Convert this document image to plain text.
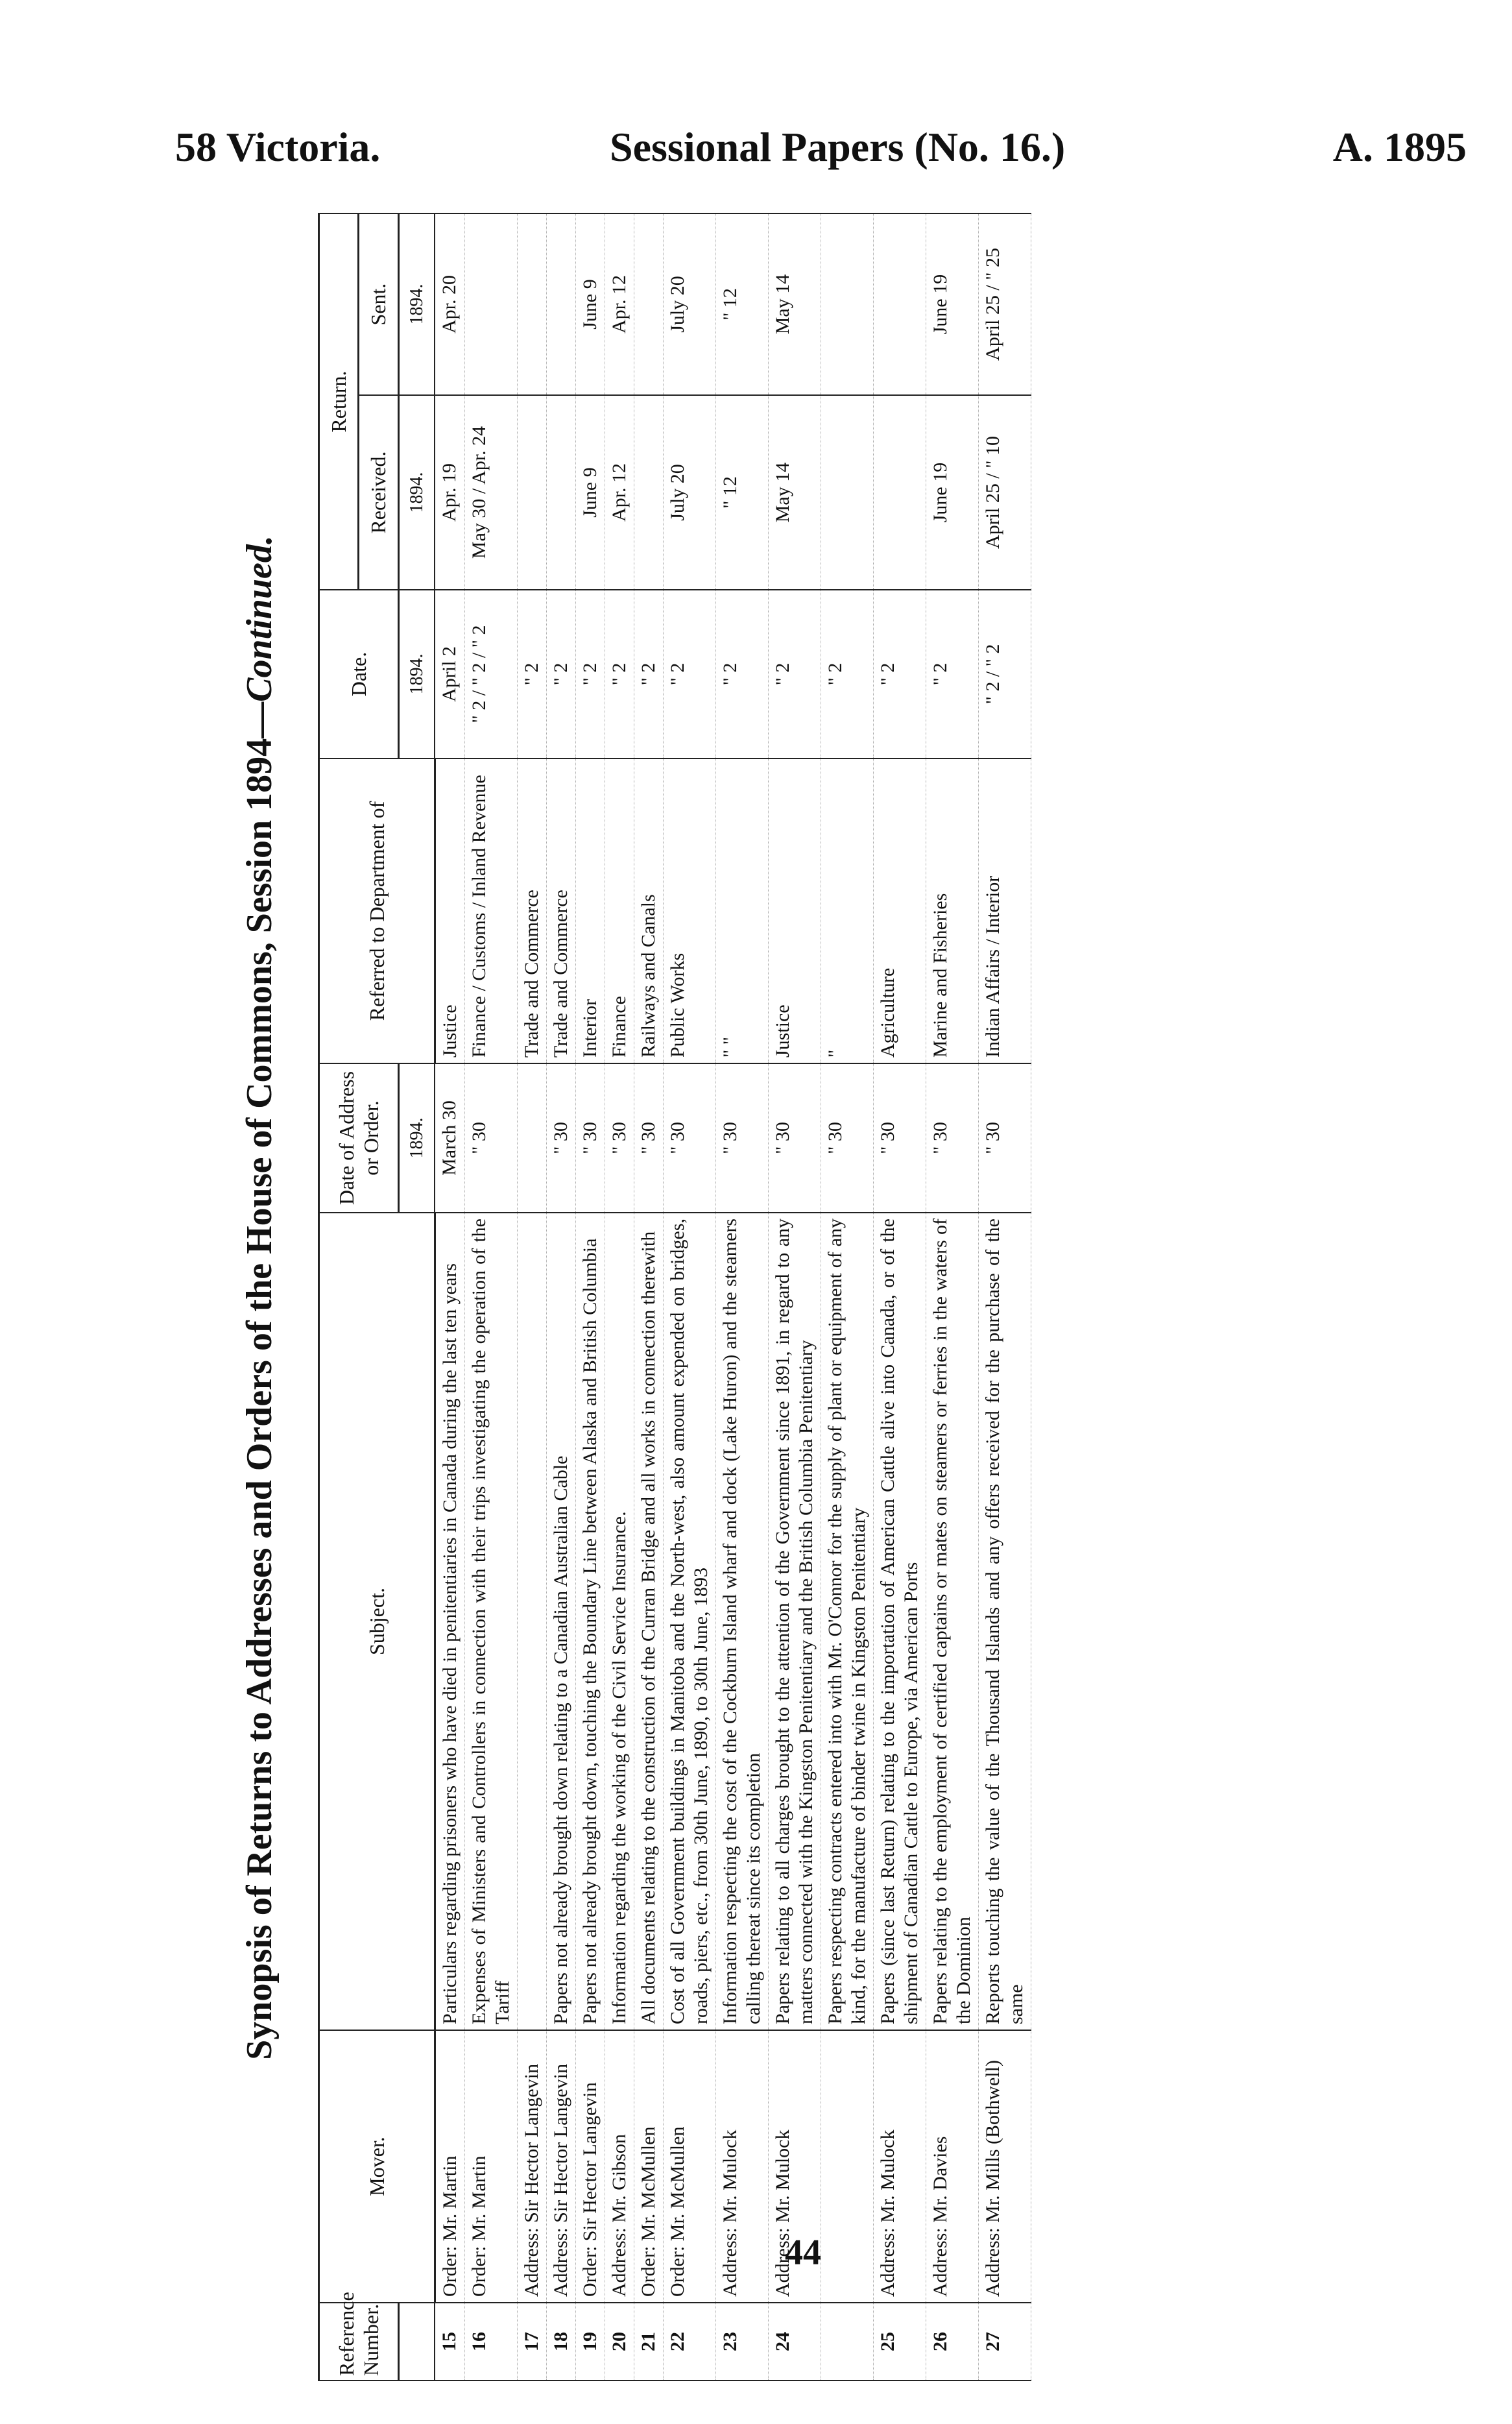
58 Victoria.	Sessional Papers (No. 16.)	A. 1895
Synopsis of Returns to Addresses and Orders of the House of Commons, Session 1894—Continued.
Reference Number.	Mover.	Subject.	Date of Address or Order.	Referred to Department of	Date.	Return.	
						Received.	Sent.
			1894.		1894.	1894.	1894.
15	Order: Mr. Martin	Particulars regarding prisoners who have died in penitentiaries in Canada during the last ten years	March 30	Justice	April 2	Apr. 19	Apr. 20
16	Order: Mr. Martin	Expenses of Ministers and Controllers in connection with their trips investigating the operation of the Tariff	" 30	Finance / Customs / Inland Revenue	" 2 / " 2 / " 2	May 30 / Apr. 24	
17	Address: Sir Hector Langevin			Trade and Commerce	" 2		
18	Address: Sir Hector Langevin	Papers not already brought down relating to a Canadian Australian Cable	" 30	Trade and Commerce	" 2		
19	Order: Sir Hector Langevin	Papers not already brought down, touching the Boundary Line between Alaska and British Columbia	" 30	Interior	" 2	June 9	June 9
20	Address: Mr. Gibson	Information regarding the working of the Civil Service Insurance.	" 30	Finance	" 2	Apr. 12	Apr. 12
21	Order: Mr. McMullen	All documents relating to the construction of the Curran Bridge and all works in connection therewith	" 30	Railways and Canals	" 2		
22	Order: Mr. McMullen	Cost of all Government buildings in Manitoba and the North-west, also amount expended on bridges, roads, piers, etc., from 30th June, 1890, to 30th June, 1893	" 30	Public Works	" 2	July 20	July 20
23	Address: Mr. Mulock	Information respecting the cost of the Cockburn Island wharf and dock (Lake Huron) and the steamers calling thereat since its completion	" 30	" "	" 2	" 12	" 12
24	Address: Mr. Mulock	Papers relating to all charges brought to the attention of the Government since 1891, in regard to any matters connected with the Kingston Penitentiary and the British Columbia Penitentiary	" 30	Justice	" 2	May 14	May 14
		Papers respecting contracts entered into with Mr. O'Connor for the supply of plant or equipment of any kind, for the manufacture of binder twine in Kingston Penitentiary	" 30	"	" 2		
25	Address: Mr. Mulock	Papers (since last Return) relating to the importation of American Cattle alive into Canada, or of the shipment of Canadian Cattle to Europe, via American Ports	" 30	Agriculture	" 2		
26	Address: Mr. Davies	Papers relating to the employment of certified captains or mates on steamers or ferries in the waters of the Dominion	" 30	Marine and Fisheries	" 2	June 19	June 19
27	Address: Mr. Mills (Bothwell)	Reports touching the value of the Thousand Islands and any offers received for the purchase of the same	" 30	Indian Affairs / Interior	" 2 / " 2	April 25 / " 10	April 25 / " 25
44
